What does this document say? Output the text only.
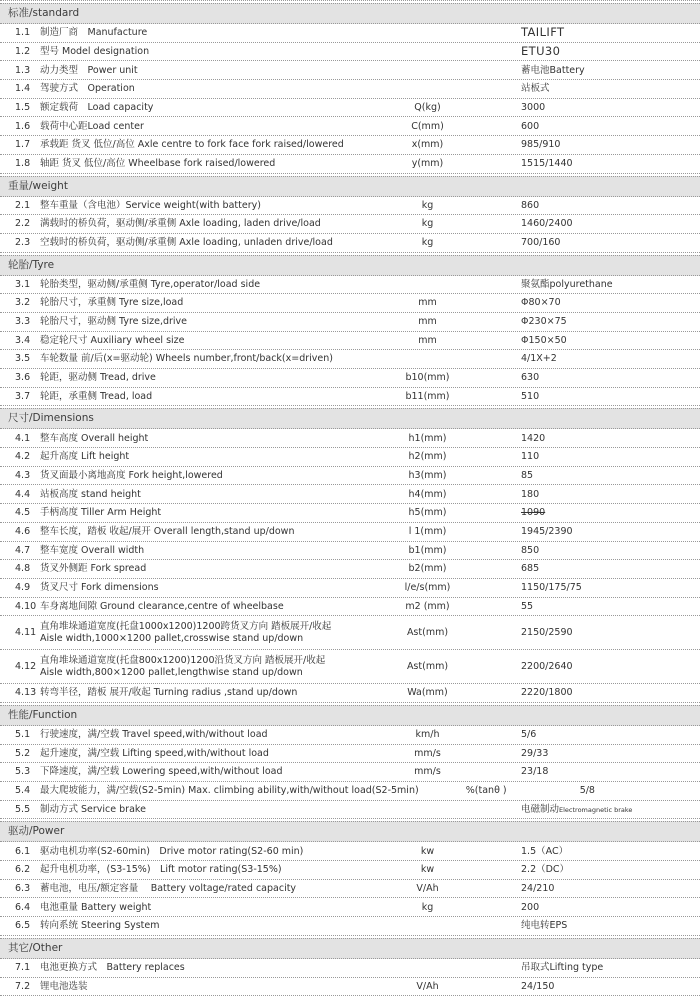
标准/standard
1.1	制造厂商　Manufacture	TAILIFT
1.2	型号 Model designation	ETU30
1.3	动力类型　Power unit	蓄电池Battery
1.4	驾驶方式　Operation	站板式
1.5	额定载荷　Load capacity	Q(kg)	3000
1.6	载荷中心距Load center	C(mm)	600
1.7	承载距 货叉 低位/高位 Axle centre to fork face fork raised/lowered	x(mm)	985/910
1.8	轴距 货叉 低位/高位 Wheelbase fork raised/lowered	y(mm)	1515/1440
重量/weight
2.1	整车重量（含电池）Service weight(with battery)	kg	860
2.2	满载时的桥负荷，驱动侧/承重侧 Axle loading, laden drive/load	kg	1460/2400
2.3	空载时的桥负荷，驱动侧/承重侧 Axle loading, unladen drive/load	kg	700/160
轮胎/Tyre
3.1	轮胎类型，驱动侧/承重侧 Tyre,operator/load side	聚氨酯polyurethane
3.2	轮胎尺寸，承重侧 Tyre size,load	mm	Φ80×70
3.3	轮胎尺寸，驱动侧 Tyre size,drive	mm	Φ230×75
3.4	稳定轮尺寸 Auxiliary wheel size	mm	Φ150×50
3.5	车轮数量 前/后(x=驱动轮) Wheels number,front/back(x=driven)	4/1X+2
3.6	轮距，驱动侧 Tread, drive	b10(mm)	630
3.7	轮距，承重侧 Tread, load	b11(mm)	510
尺寸/Dimensions
4.1	整车高度 Overall height	h1(mm)	1420
4.2	起升高度 Lift height	h2(mm)	110
4.3	货叉面最小离地高度 Fork height,lowered	h3(mm)	85
4.4	站板高度 stand height	h4(mm)	180
4.5	手柄高度 Tiller Arm Height	h5(mm)	1090
4.6	整车长度，踏板 收起/展开 Overall length,stand up/down	l 1(mm)	1945/2390
4.7	整车宽度 Overall width	b1(mm)	850
4.8	货叉外侧距 Fork spread	b2(mm)	685
4.9	货叉尺寸 Fork dimensions	l/e/s(mm)	1150/175/75
4.10 车身离地间隙 Ground clearance,centre of wheelbase	m2 (mm)	55
4.11
直角堆垛通道宽度(托盘1000x1200)1200跨货叉方向 踏板展开/收起
Aisle width,1000×1200 pallet,crosswise stand up/down
Ast(mm)	2150/2590
4.12
直角堆垛通道宽度(托盘800x1200)1200沿货叉方向 踏板展开/收起
Aisle width,800×1200 pallet,lengthwise stand up/down
Ast(mm)	2200/2640
4.13 转弯半径，踏板 展开/收起 Turning radius ,stand up/down	Wa(mm)	2220/1800
性能/Function
5.1	行驶速度，满/空载 Travel speed,with/without load	km/h	5/6
5.2	起升速度，满/空载 Lifting speed,with/without load	mm/s	29/33
5.3	下降速度，满/空载 Lowering speed,with/without load	mm/s	23/18
5.4	最大爬坡能力，满/空载(S2-5min) Max. climbing ability,with/without load(S2-5min)	%(tanθ )	5/8
5.5	制动方式 Service brake	电磁制动Electromagnetic brake
驱动/Power
6.1	驱动电机功率(S2-60min)　Drive motor rating(S2-60 min)	kw	1.5（AC）
6.2	起升电机功率，(S3-15%)　Lift motor rating(S3-15%)	kw	2.2（DC）
6.3	蓄电池，电压/额定容量　 Battery voltage/rated capacity	V/Ah	24/210
6.4	电池重量 Battery weight	kg	200
6.5	转向系统 Steering System	纯电转EPS
其它/Other
7.1	电池更换方式　Battery replaces	吊取式Lifting type
7.2	锂电池选装	V/Ah	24/150
